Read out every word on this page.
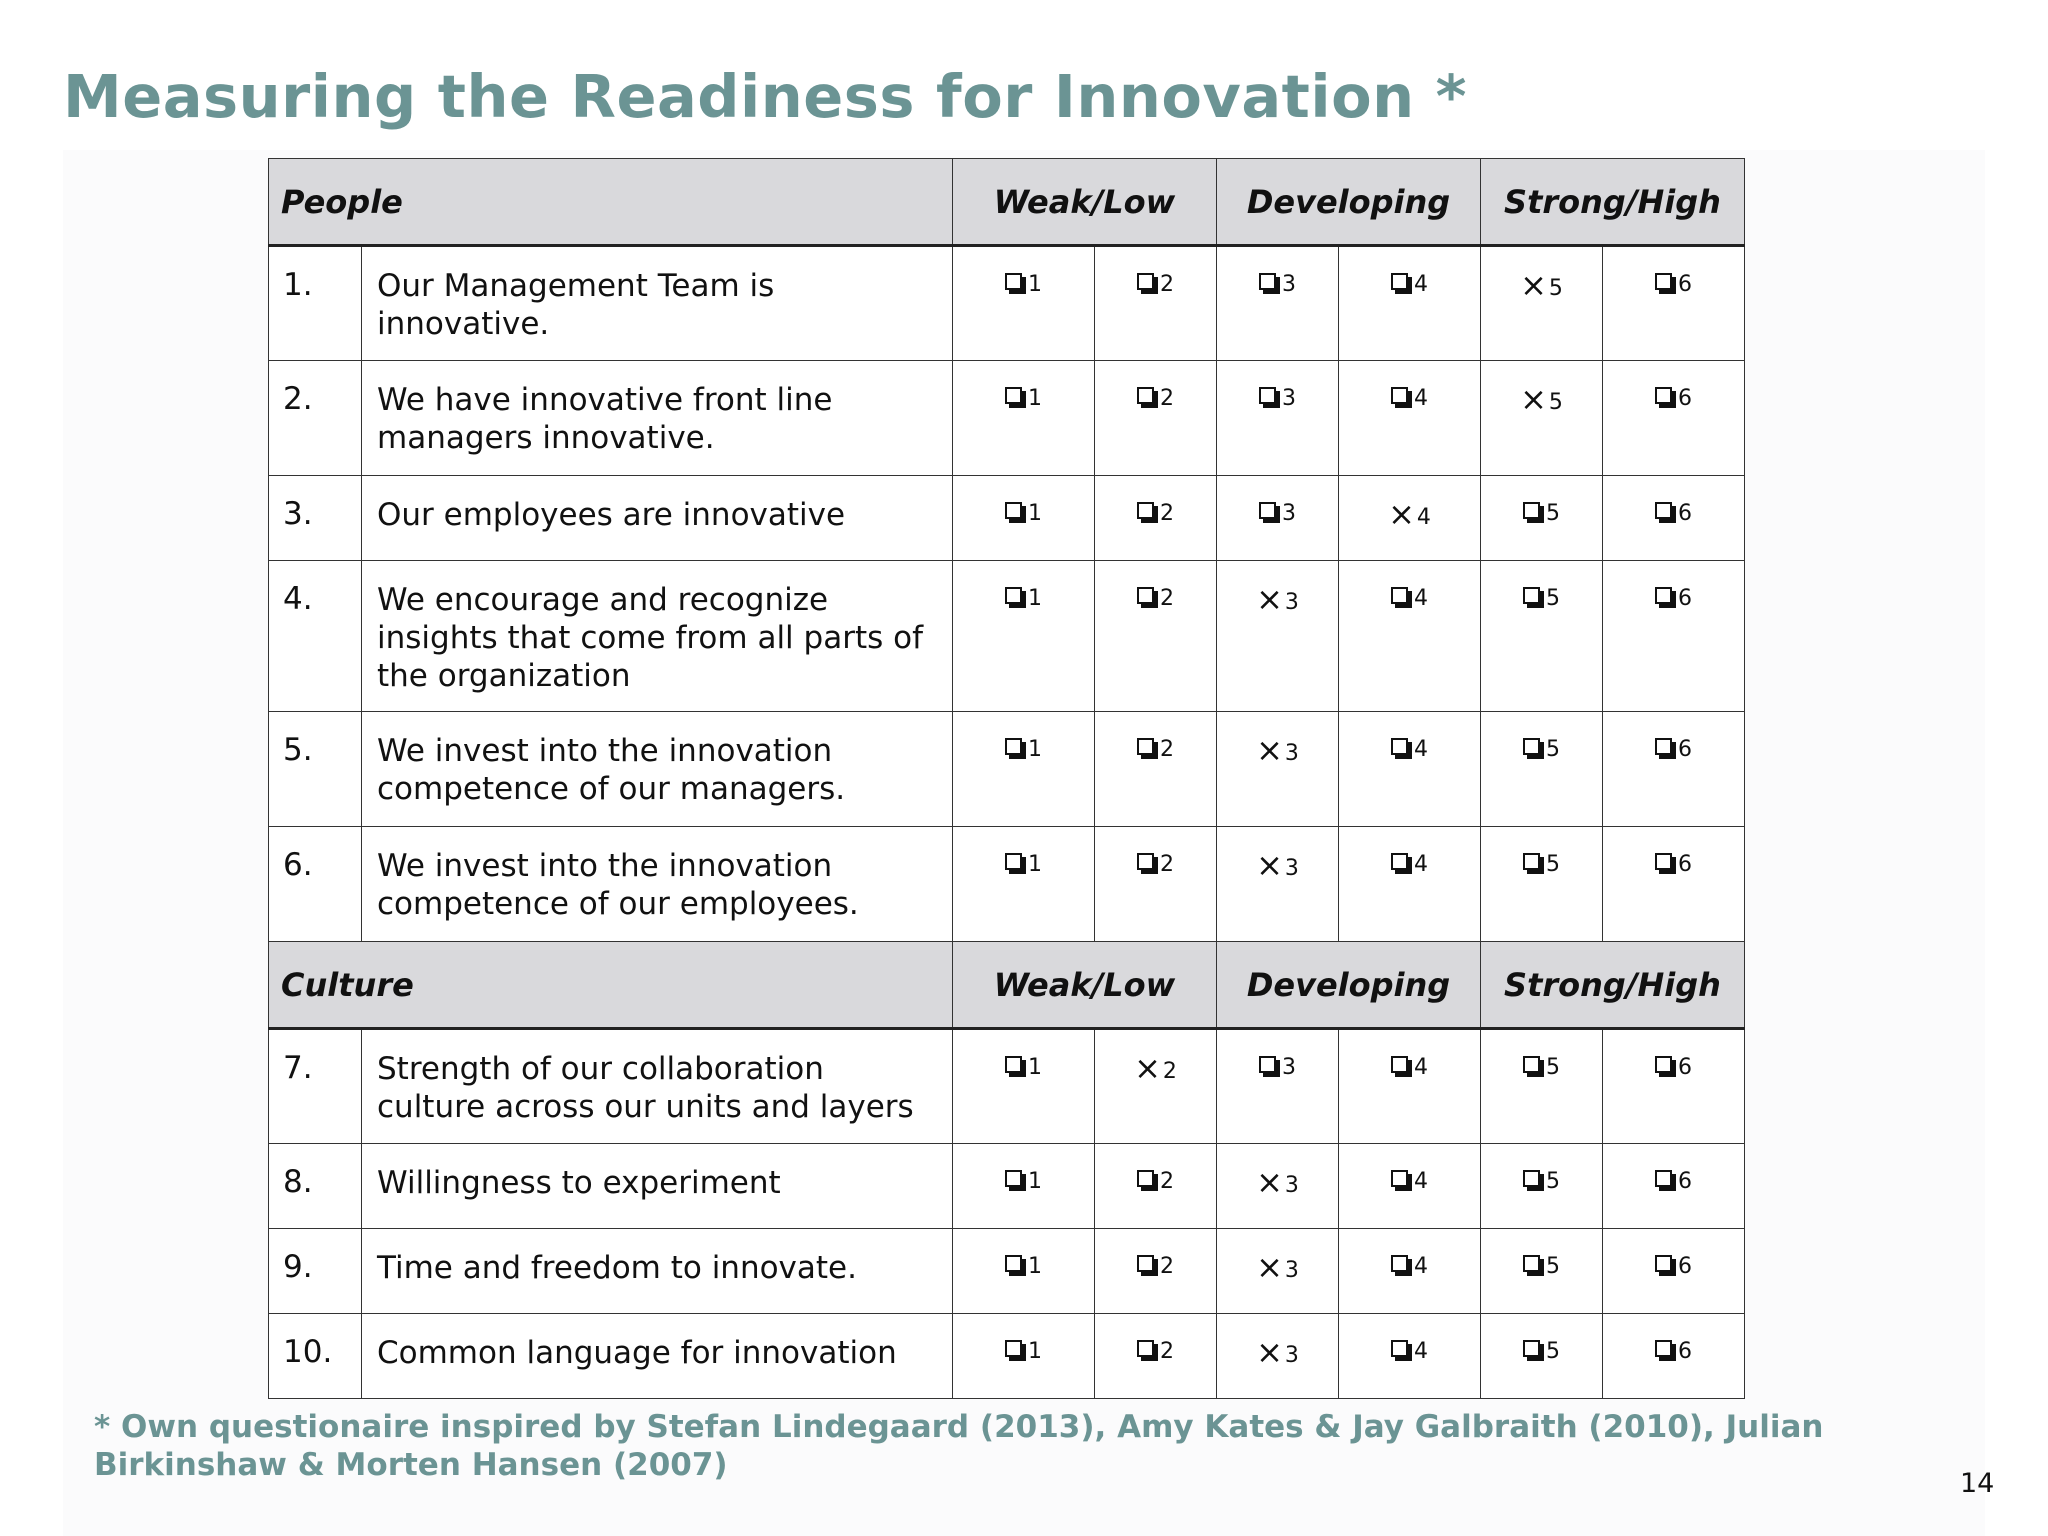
Measuring the Readiness for Innovation *
People		Weak/Low		Developing		Strong/High	
1.	Our Management Team is innovative.	1	2	3	4	× 5	6

2.	We have innovative front line managers innovative.	1	2	3	4	× 5	6

3.	Our employees are innovative	1	2	3	× 4	5	6

4.	We encourage and recognize insights that come from all parts of the organization	1	2	× 3	4	5	6

5.	We invest into the innovation competence of our managers.	1	2	× 3	4	5	6

6.	We invest into the innovation competence of our employees.	1	2	× 3	4	5	6

Culture		Weak/Low		Developing		Strong/High	
7.	Strength of our collaboration culture across our units and layers	1	× 2	3	4	5	6

8.	Willingness to experiment	1	2	× 3	4	5	6

9.	Time and freedom to innovate.	1	2	× 3	4	5	6

10.	Common language for innovation	1	2	× 3	4	5	6
* Own questionaire inspired by Stefan Lindegaard (2013), Amy Kates & Jay Galbraith (2010), Julian Birkinshaw & Morten Hansen (2007)
14
